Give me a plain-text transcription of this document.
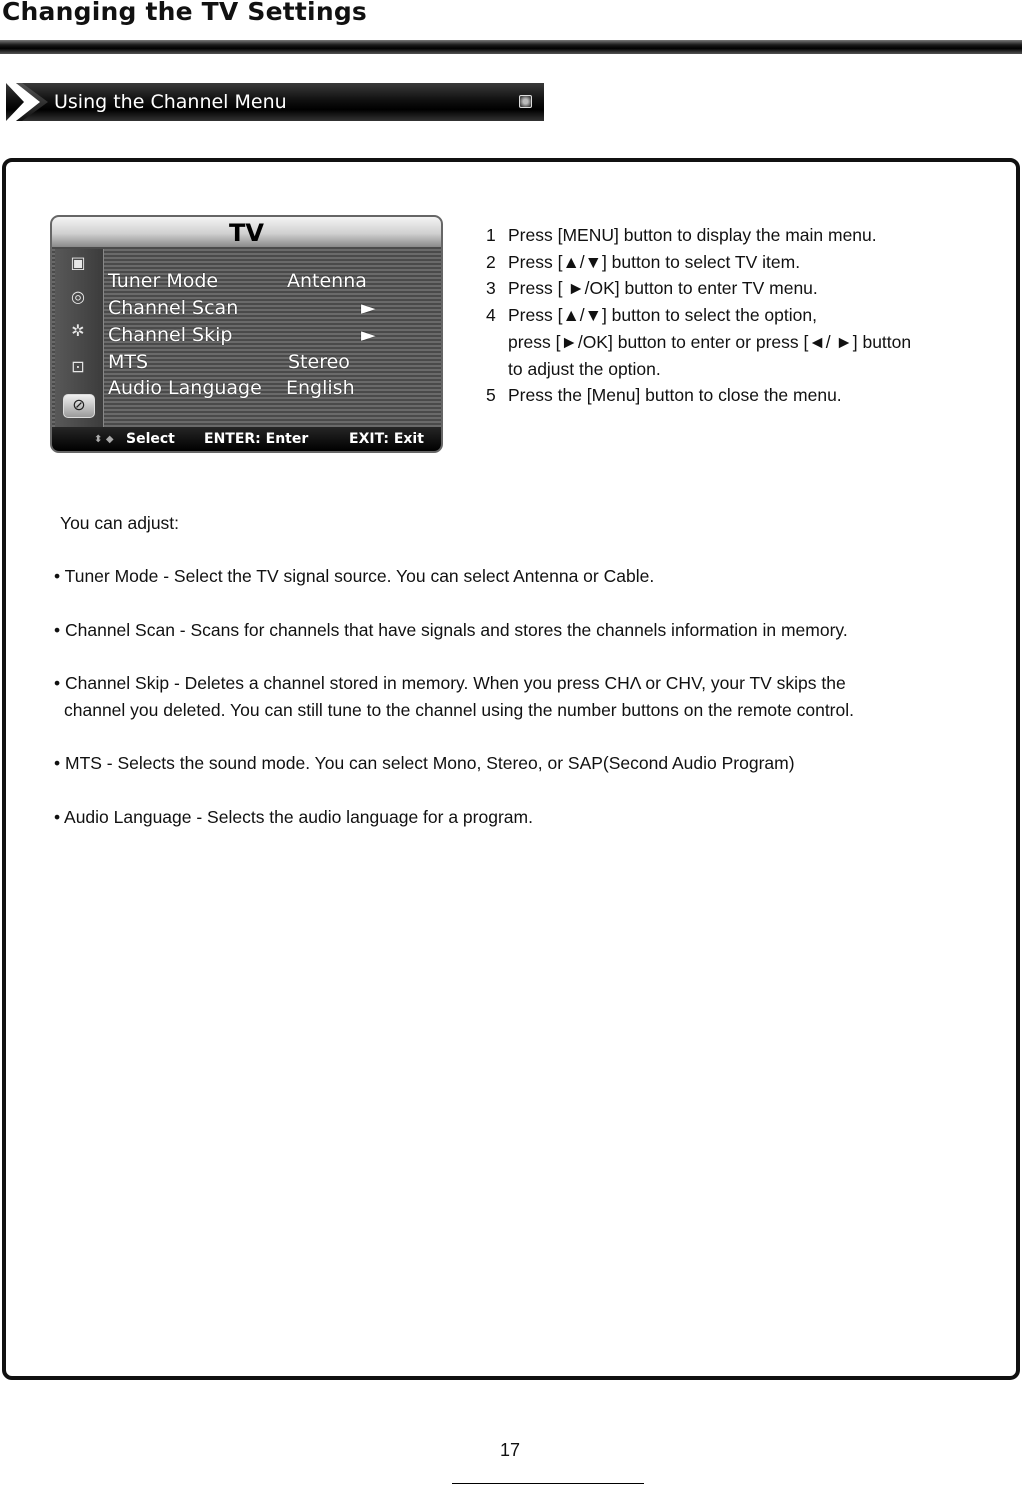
Changing the TV Settings
Using the Channel Menu
TV
▣
◎
✲
⊡
⊘
Tuner Mode	Antenna
Channel Scan	►
Channel Skip	►
MTS	Stereo
Audio Language English
⬍ ◆ Select ENTER: Enter	EXIT: Exit
1 Press [MENU] button to display the main menu.
2 Press [▲/▼] button to select TV item.
3 Press [ ►/OK] button to enter TV menu.
4 Press [▲/▼] button to select the option,
press [►/OK] button to enter or press [◄/ ►] button
to adjust the option.
5 Press the [Menu] button to close the menu.
You can adjust:
• Tuner Mode - Select the TV signal source. You can select Antenna or Cable.
• Channel Scan - Scans for channels that have signals and stores the channels information in memory.
• Channel Skip - Deletes a channel stored in memory. When you press CHΛ or CHV, your TV skips the
channel you deleted. You can still tune to the channel using the number buttons on the remote control.
• MTS - Selects the sound mode. You can select Mono, Stereo, or SAP(Second Audio Program)
• Audio Language - Selects the audio language for a program.
17
